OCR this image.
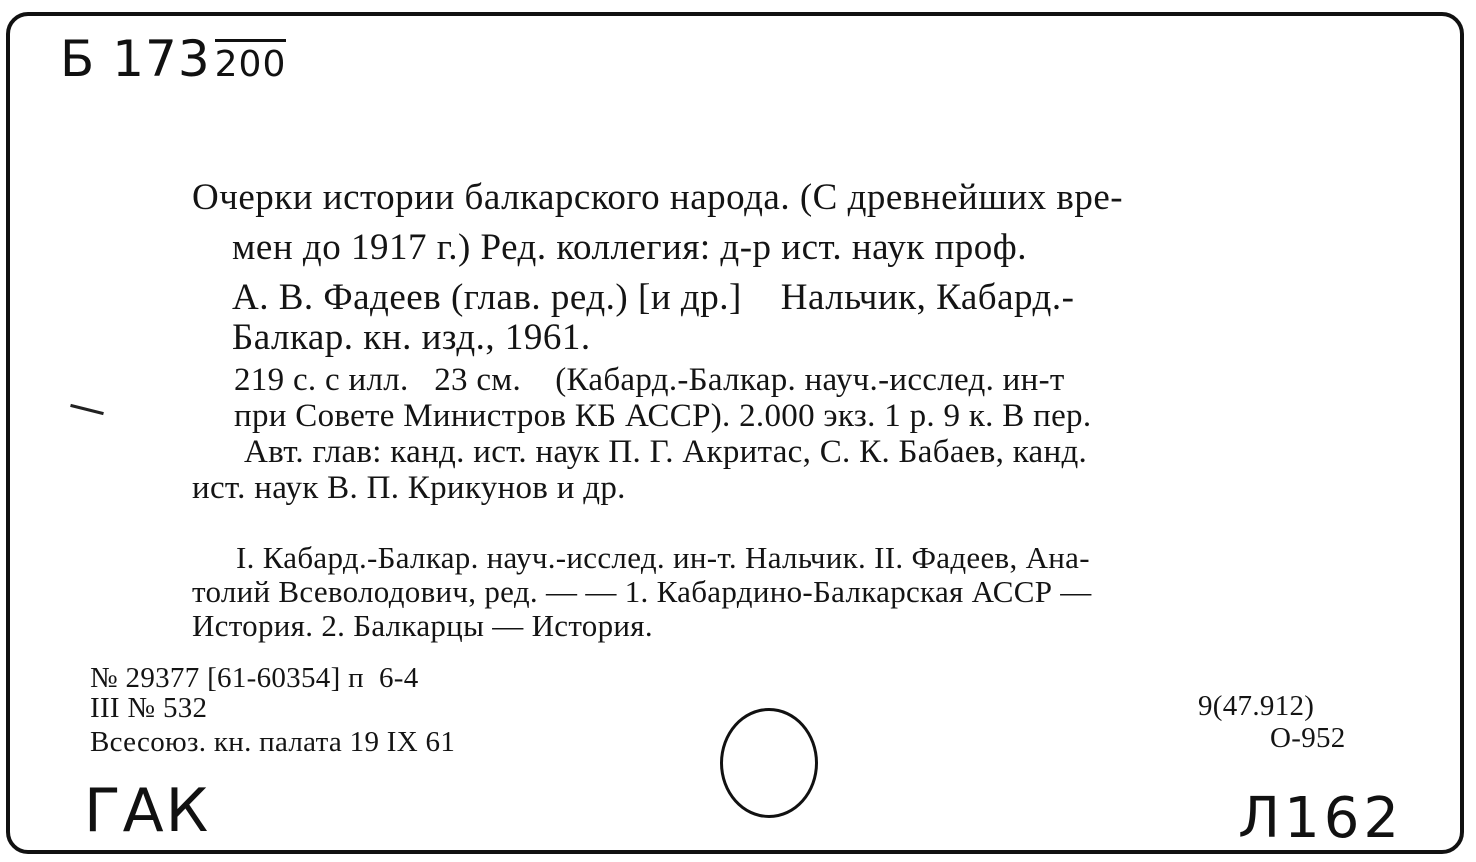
Б 173 200
Очерки истории балкарского народа. (С древнейших вре-
мен до 1917 г.) Ред. коллегия: д-р ист. наук проф.
А. В. Фадеев (глав. ред.) [и др.]    Нальчик, Кабард.-
Балкар. кн. изд., 1961.
219 с. с илл.   23 см.    (Кабард.-Балкар. науч.-исслед. ин-т
при Совете Министров КБ АССР). 2.000 экз. 1 р. 9 к. В пер.
Авт. глав: канд. ист. наук П. Г. Акритас, С. К. Бабаев, канд.
ист. наук В. П. Крикунов и др.
I. Кабард.-Балкар. науч.-исслед. ин-т. Нальчик. II. Фадеев, Ана-
толий Всеволодович, ред. — — 1. Кабардино-Балкарская АССР —
История. 2. Балкарцы — История.
№ 29377 [61-60354] п  6-4
III № 532
Всесоюз. кн. палата 19 IX 61
9(47.912)
О-952
ГАК	Л162
